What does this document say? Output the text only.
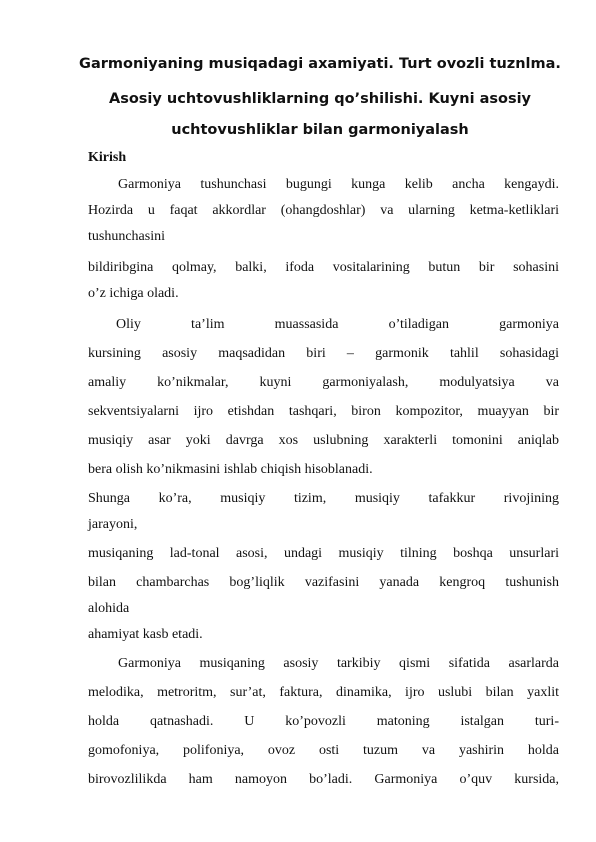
Garmoniyaning musiqadagi axamiyati. Turt ovozli tuznlma.
Asosiy uchtovushliklarning qo’shilishi. Kuyni asosiy
uchtovushliklar bilan garmoniyalash
Kirish
Garmoniya tushunchasi bugungi kunga kelib ancha kengaydi.
Hozirda u faqat akkordlar (ohangdoshlar) va ularning ketma-ketliklari
tushunchasini
bildiribgina qolmay, balki, ifoda vositalarining butun bir sohasini
o’z ichiga oladi.
Oliy ta’lim muassasida o’tiladigan garmoniya
kursining asosiy maqsadidan biri – garmonik tahlil sohasidagi
amaliy ko’nikmalar, kuyni garmoniyalash, modulyatsiya va
sekventsiyalarni ijro etishdan tashqari, biron kompozitor, muayyan bir
musiqiy asar yoki davrga xos uslubning xarakterli tomonini aniqlab
bera olish ko’nikmasini ishlab chiqish hisoblanadi.
Shunga ko’ra, musiqiy tizim, musiqiy tafakkur rivojining
jarayoni,
musiqaning lad-tonal asosi, undagi musiqiy tilning boshqa unsurlari
bilan chambarchas bog’liqlik vazifasini yanada kengroq tushunish
alohida
ahamiyat kasb etadi.
Garmoniya musiqaning asosiy tarkibiy qismi sifatida asarlarda
melodika, metroritm, sur’at, faktura, dinamika, ijro uslubi bilan yaxlit
holda qatnashadi. U ko’povozli matoning istalgan turi-
gomofoniya, polifoniya, ovoz osti tuzum va yashirin holda
birovozlilikda ham namoyon bo’ladi. Garmoniya o’quv kursida,
